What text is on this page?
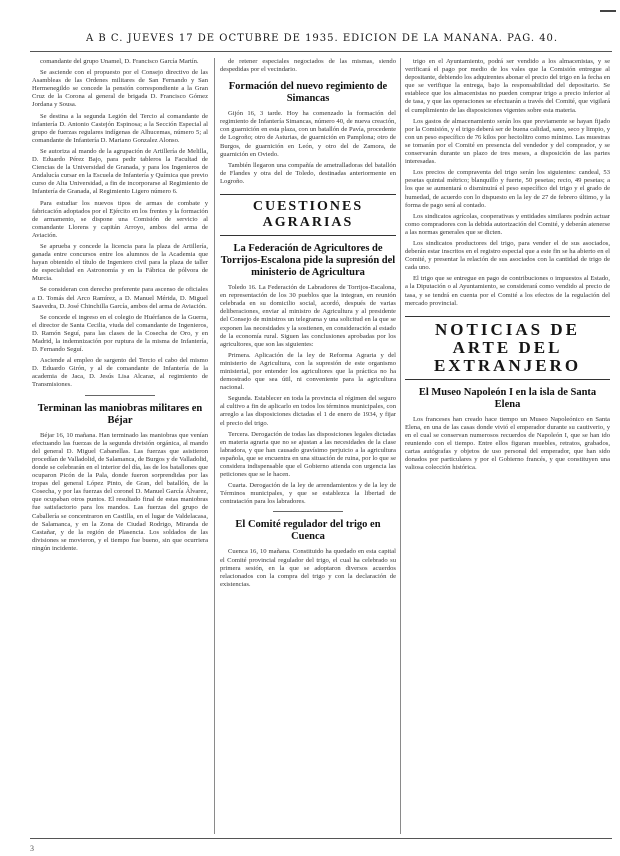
A B C. JUEVES 17 DE OCTUBRE DE 1935. EDICION DE LA MAÑANA. PAG. 40.

comandante del grupo Unamel, D. Francisco García Martín.

Se asciende con el propuesto por el Consejo directivo de las Asambleas de las Ordenes militares de San Fernando y San Hermenegildo se concede la pensión correspondiente a la Gran Cruz de la Corona al general de brigada D. Francisco Gómez Jordana y Sousa.

Se destina a la segunda Legión del Tercio al comandante de infantería D. Antonio Castejón Espinosa; a la Sección Especial al grupo de fuerzas regulares indígenas de Alhucemas, número 5; al comandante de Infantería D. Mariano Gonzalez Alonso.

Se autoriza al mando de la agrupación de Artillería de Melilla, D. Eduardo Pérez Bajo, para pedir tableros la Facultad de Ciencias de la Universidad de Granada, y para los Ingenieros de Andalucía cursar en la Escuela de Infantería y Química que previo curso de Alta Universidad, a fin de incorporarse al Regimiento de Infantería de Granada, al Regimiento Ligero número 6.

Para estudiar los nuevos tipos de armas de combate y fabricación adoptados por el Ejército en los frentes y la formación de armamento, se dispone una Comisión de servicio al comandante Llorens y capitán Arroyo, ambos del arma de Aviación.

Se aprueba y concede la licencia para la plaza de Artillería, ganada entre concursos entre los alumnos de la Academia que hayan obtenido el título de Ingeniero civil para la plaza de taller de especialidad en Astronomía y en la Fábrica de pólvora de Murcia.

Se consideran con derecho preferente para ascenso de oficiales a D. Tomás del Arco Ramírez, a D. Manuel Mérida, D. Miguel Saavedra, D. José Chinchilla García, ambos del arma de Aviación.

Se concede el ingreso en el colegio de Huérfanos de la Guerra, el director de Santa Cecilia, viuda del comandante de Ingenieros, D. Ramón Seguí, para las clases de la Cosecha de Oro, y en Madrid, la indemnización por ruptura de la misma de Infantería, D. Fernando Seguí.

Asciende al empleo de sargento del Tercio el cabo del mismo D. Eduardo Girón, y al de comandante de Infantería de la academia de Jaca, D. Jesús Lisa Alcaraz, al regimiento de Transmisiones.

Terminan las maniobras militares en Béjar

Béjar 16, 10 mañana. Han terminado las maniobras que venían efectuando las fuerzas de la segunda división orgánica, al mando del general D. Miguel Cabanellas. Las fuerzas que asistieron procedían de Valladolid, de Salamanca, de Burgos y de Valladolid, donde se celebrarán en el interior del día, las de los batallones que ocuparon Picón de la Pala, donde fueron sorprendidas por las tropas del general López Pinto, de Gran, del batallón, de la Cosecha, y por las fuerzas del coronel D. Manuel García Álvarez, que ocupaban otros puntos. El resultado final de estas maniobras fue satisfactorio para los mandos. Las fuerzas del grupo de Caballería se concentraron en Castilla, en el lugar de Valdelacasa, de Salamanca, y en la Zona de Ciudad Rodrigo, Miranda de Castañar, y de la región de Plasencia. Los soldados de las divisiones se movieron, y el tiempo fue bueno, sin que ocurriera ningún incidente.

de retener especiales negociados de las mismas, siendo despedidas por el vecindario.

Formación del nuevo regimiento de Simancas

Gijón 16, 3 tarde. Hoy ha comenzado la formación del regimiento de Infantería Simancas, número 40, de nueva creación, con guarnición en esta plaza, con un batallón de Pavía, procedente de Logroño; otro de Asturias, de guarnición en Pamplona; otro de Burgos, de guarnición en León, y otro del de Zamora, de guarnición en Oviedo.

También llegaron una compañía de ametralladoras del batallón de Flandes y otra del de Toledo, destinadas anteriormente en Logroño.

CUESTIONES AGRARIAS
La Federación de Agricultores de Torrijos-Escalona pide la supresión del ministerio de Agricultura

Toledo 16. La Federación de Labradores de Torrijos-Escalona, en representación de los 30 pueblos que la integran, en reunión celebrada en su domicilio social, acordó, después de varias deliberaciones, enviar al ministro de Agricultura y al presidente del Consejo de ministros un telegrama y una solicitud en la que se exponen las necesidades y la sostienen, en consideración al estado de la economía rural. Siguen las conclusiones aprobadas por los agricultores, que son las siguientes:

Primera. Aplicación de la ley de Reforma Agraria y del ministerio de Agricultura, con la supresión de este organismo ministerial, por entender los agricultores que la práctica no ha demostrado que sea útil, ni conveniente para la agricultura nacional.

Segunda. Establecer en toda la provincia el régimen del seguro al cultivo a fin de aplicarlo en todos los términos municipales, con arreglo a las disposiciones dictadas el 1 de enero de 1934, y fijar el precio del trigo.

Tercera. Derogación de todas las disposiciones legales dictadas en materia agraria que no se ajustan a las necesidades de la clase labradora, y que han causado gravísimo perjuicio a la agricultura española, que se encuentra en una situación de ruina, por lo que se considera indispensable que el Gobierno atienda con urgencia las peticiones que se le hacen.

Cuarta. Derogación de la ley de arrendamientos y de la ley de Términos municipales, y que se establezca la libertad de contratación para los labradores.

El Comité regulador del trigo en Cuenca

Cuenca 16, 10 mañana. Constituido ha quedado en esta capital el Comité provincial regulador del trigo, el cual ha celebrado su primera sesión, en la que se adoptaron diversos acuerdos relacionados con la compra del trigo y con la declaración de existencias.

trigo en el Ayuntamiento, podrá ser vendido a los almacenistas, y se verificará el pago por medio de los vales que la Comisión entregue al depositante, debiendo los adquirentes abonar el precio del trigo en la fecha en que se verifique la entrega, bajo la responsabilidad del depositario. Se establece que los almacenistas no pueden comprar trigo a precio inferior al de tasa, y que las operaciones se efectuarán a través del Comité, que vigilará el cumplimiento de las disposiciones vigentes sobre esta materia.

Los gastos de almacenamiento serán los que previamente se hayan fijado por la Comisión, y el trigo deberá ser de buena calidad, sano, seco y limpio, y con un peso específico de 76 kilos por hectolitro como mínimo. Las muestras se tomarán por el Comité en presencia del vendedor y del comprador, y se conservarán durante un plazo de tres meses, a disposición de las partes interesadas.

Los precios de compraventa del trigo serán los siguientes: candeal, 53 pesetas quintal métrico; blanquillo y fuerte, 50 pesetas; recio, 49 pesetas; a los que se aumentará o disminuirá el peso específico del trigo y el grado de humedad, de acuerdo con lo dispuesto en la ley de 27 de febrero último, y la forma de pago será al contado.

Los sindicatos agrícolas, cooperativas y entidades similares podrán actuar como compradores con la debida autorización del Comité, y deberán atenerse a las normas generales que se dicten.

Los sindicatos productores del trigo, para vender el de sus asociados, deberán estar inscritos en el registro especial que a este fin se ha abierto en el Comité, y presentar la relación de sus asociados con la cantidad de trigo de cada uno.

El trigo que se entregue en pago de contribuciones o impuestos al Estado, a la Diputación o al Ayuntamiento, se considerará como vendido al precio de tasa, y se tendrá en cuenta por el Comité a los efectos de la regulación del mercado provincial.

NOTICIAS DE ARTE DEL EXTRANJERO
El Museo Napoleón I en la isla de Santa Elena

Los franceses han creado hace tiempo un Museo Napoleónico en Santa Elena, en una de las casas donde vivió el emperador durante su cautiverio, y en el cual se conservan numerosos recuerdos de Napoleón I, que se han ido reuniendo con el tiempo. Entre ellos figuran muebles, retratos, grabados, cartas autógrafas y objetos de uso personal del emperador, que han sido donados por particulares y por el Gobierno francés, y que constituyen una valiosa colección histórica.

3
